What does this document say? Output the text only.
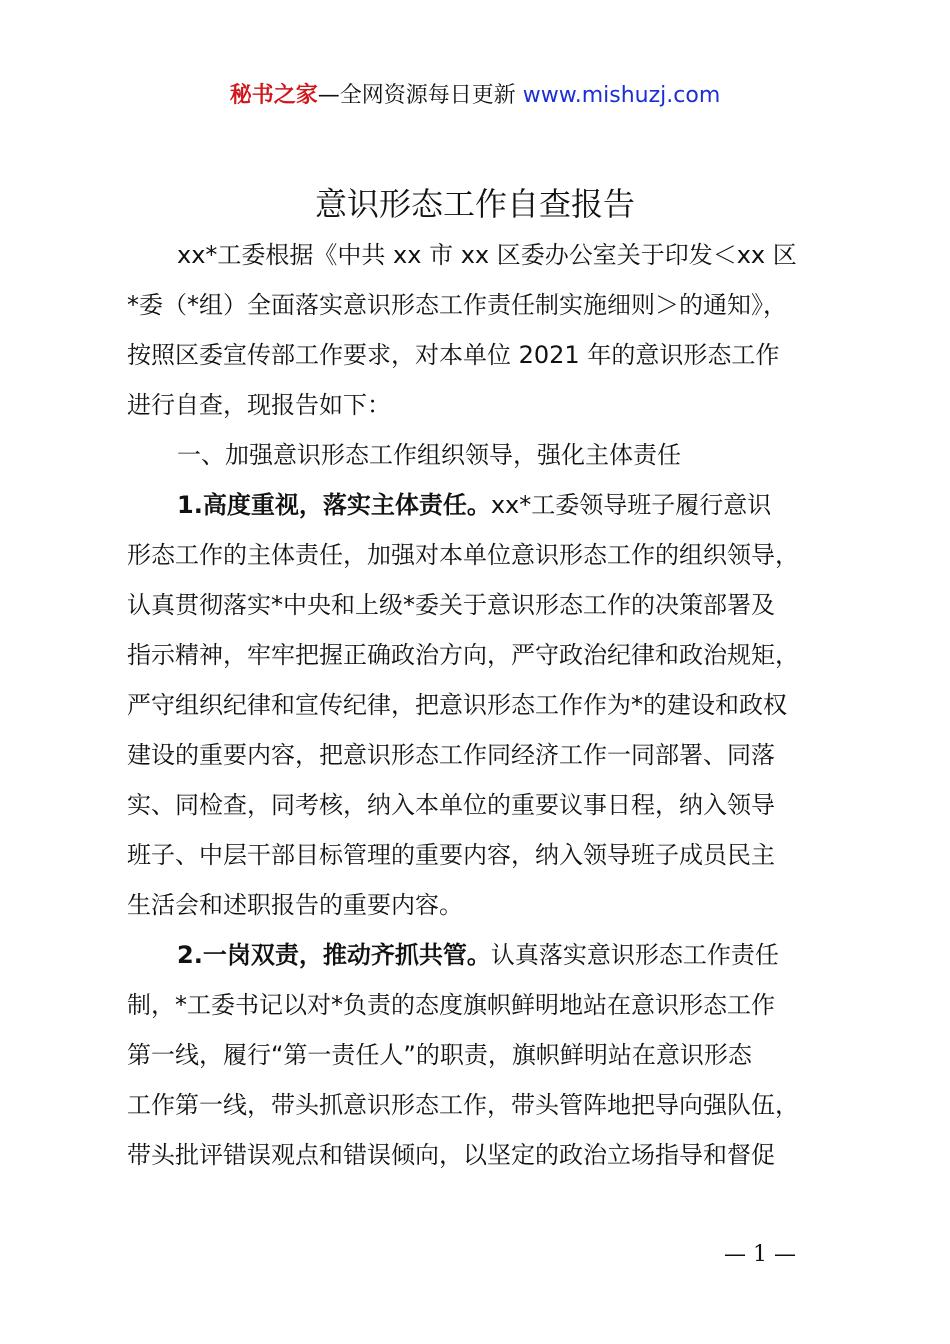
秘书之家—全网资源每日更新 www.mishuzj.com
意识形态工作自查报告
xx*工委根据《中共 xx 市 xx 区委办公室关于印发＜xx 区
*委（*组）全面落实意识形态工作责任制实施细则＞的通知》，
按照区委宣传部工作要求，对本单位 2021 年的意识形态工作
进行自查，现报告如下：
一、加强意识形态工作组织领导，强化主体责任
1.高度重视，落实主体责任。xx*工委领导班子履行意识
形态工作的主体责任，加强对本单位意识形态工作的组织领导，
认真贯彻落实*中央和上级*委关于意识形态工作的决策部署及
指示精神，牢牢把握正确政治方向，严守政治纪律和政治规矩，
严守组织纪律和宣传纪律，把意识形态工作作为*的建设和政权
建设的重要内容，把意识形态工作同经济工作一同部署、同落
实、同检查，同考核，纳入本单位的重要议事日程，纳入领导
班子、中层干部目标管理的重要内容，纳入领导班子成员民主
生活会和述职报告的重要内容。
2.一岗双责，推动齐抓共管。认真落实意识形态工作责任
制，*工委书记以对*负责的态度旗帜鲜明地站在意识形态工作
第一线，履行“第一责任人”的职责，旗帜鲜明站在意识形态
工作第一线，带头抓意识形态工作，带头管阵地把导向强队伍，
带头批评错误观点和错误倾向，以坚定的政治立场指导和督促
— 1 —
